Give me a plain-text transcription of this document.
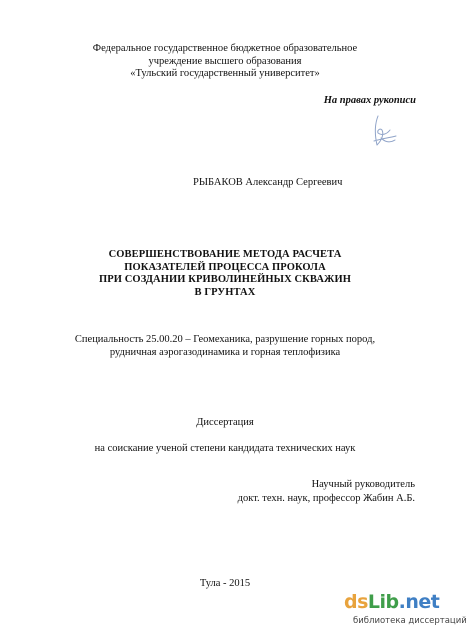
Федеральное государственное бюджетное образовательное
учреждение высшего образования
«Тульский государственный университет»
На правах рукописи
РЫБАКОВ Александр Сергеевич
СОВЕРШЕНСТВОВАНИЕ МЕТОДА РАСЧЕТА
ПОКАЗАТЕЛЕЙ ПРОЦЕССА ПРОКОЛА
ПРИ СОЗДАНИИ КРИВОЛИНЕЙНЫХ СКВАЖИН
В ГРУНТАХ
Специальность 25.00.20 – Геомеханика, разрушение горных пород,
рудничная аэрогазодинамика и горная теплофизика
Диссертация
на соискание ученой степени кандидата технических наук
Научный руководитель
докт. техн. наук, профессор Жабин А.Б.
Тула - 2015
dsLib.net
библиотека диссертаций
